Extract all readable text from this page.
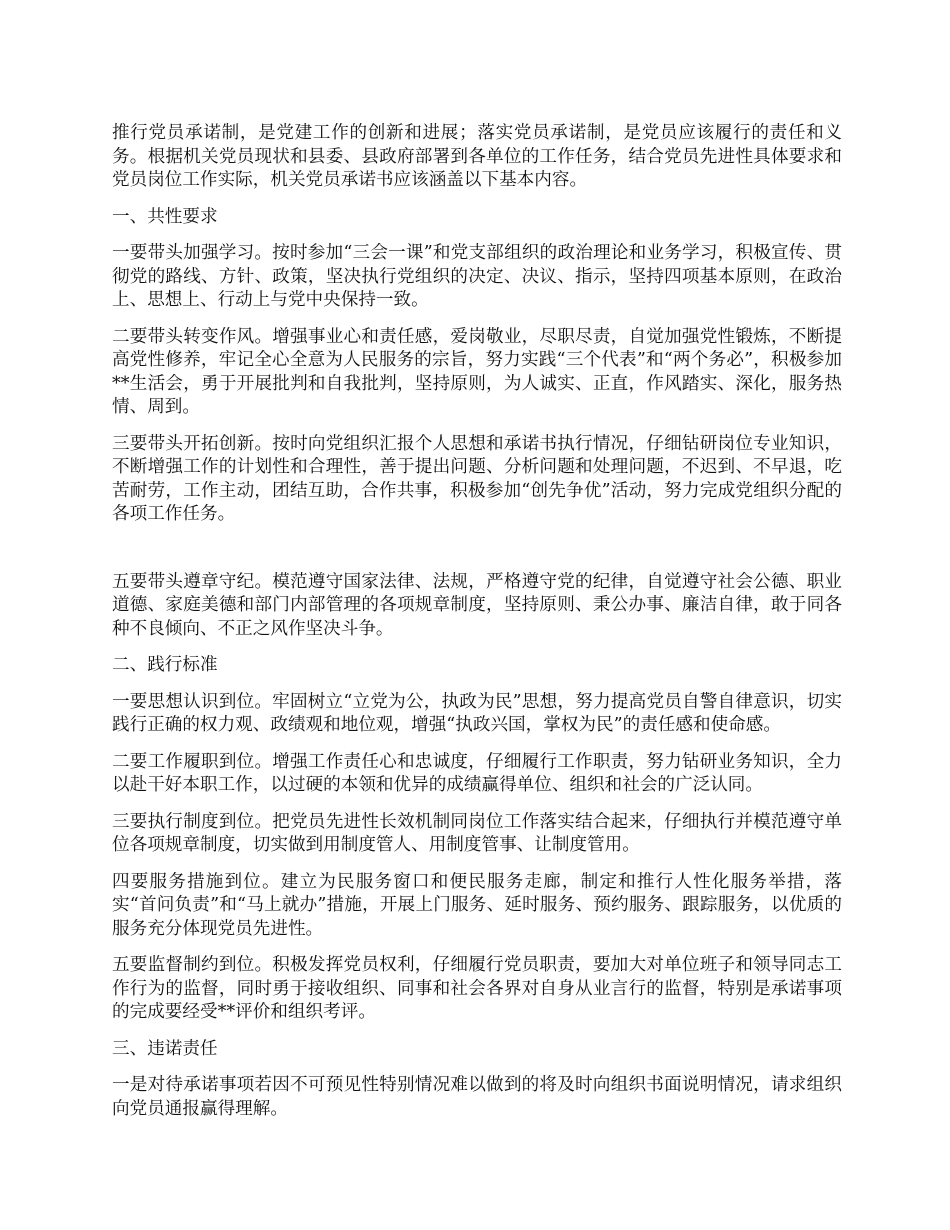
推行党员承诺制，是党建工作的创新和进展；落实党员承诺制，是党员应该履行的责任和义务。根据机关党员现状和县委、县政府部署到各单位的工作任务，结合党员先进性具体要求和党员岗位工作实际，机关党员承诺书应该涵盖以下基本内容。

一、共性要求

一要带头加强学习。按时参加“三会一课”和党支部组织的政治理论和业务学习，积极宣传、贯彻党的路线、方针、政策，坚决执行党组织的决定、决议、指示，坚持四项基本原则，在政治上、思想上、行动上与党中央保持一致。

二要带头转变作风。增强事业心和责任感，爱岗敬业，尽职尽责，自觉加强党性锻炼，不断提高党性修养，牢记全心全意为人民服务的宗旨，努力实践“三个代表”和“两个务必”，积极参加**生活会，勇于开展批判和自我批判，坚持原则，为人诚实、正直，作风踏实、深化，服务热情、周到。

三要带头开拓创新。按时向党组织汇报个人思想和承诺书执行情况，仔细钻研岗位专业知识，不断增强工作的计划性和合理性，善于提出问题、分析问题和处理问题，不迟到、不早退，吃苦耐劳，工作主动，团结互助，合作共事，积极参加“创先争优”活动，努力完成党组织分配的各项工作任务。

五要带头遵章守纪。模范遵守国家法律、法规，严格遵守党的纪律，自觉遵守社会公德、职业道德、家庭美德和部门内部管理的各项规章制度，坚持原则、秉公办事、廉洁自律，敢于同各种不良倾向、不正之风作坚决斗争。

二、践行标准

一要思想认识到位。牢固树立“立党为公，执政为民”思想，努力提高党员自警自律意识，切实践行正确的权力观、政绩观和地位观，增强“执政兴国，掌权为民”的责任感和使命感。

二要工作履职到位。增强工作责任心和忠诚度，仔细履行工作职责，努力钻研业务知识，全力以赴干好本职工作，以过硬的本领和优异的成绩赢得单位、组织和社会的广泛认同。

三要执行制度到位。把党员先进性长效机制同岗位工作落实结合起来，仔细执行并模范遵守单位各项规章制度，切实做到用制度管人、用制度管事、让制度管用。

四要服务措施到位。建立为民服务窗口和便民服务走廊，制定和推行人性化服务举措，落实“首问负责”和“马上就办”措施，开展上门服务、延时服务、预约服务、跟踪服务，以优质的服务充分体现党员先进性。

五要监督制约到位。积极发挥党员权利，仔细履行党员职责，要加大对单位班子和领导同志工作行为的监督，同时勇于接收组织、同事和社会各界对自身从业言行的监督，特别是承诺事项的完成要经受**评价和组织考评。

三、违诺责任

一是对待承诺事项若因不可预见性特别情况难以做到的将及时向组织书面说明情况，请求组织向党员通报赢得理解。
